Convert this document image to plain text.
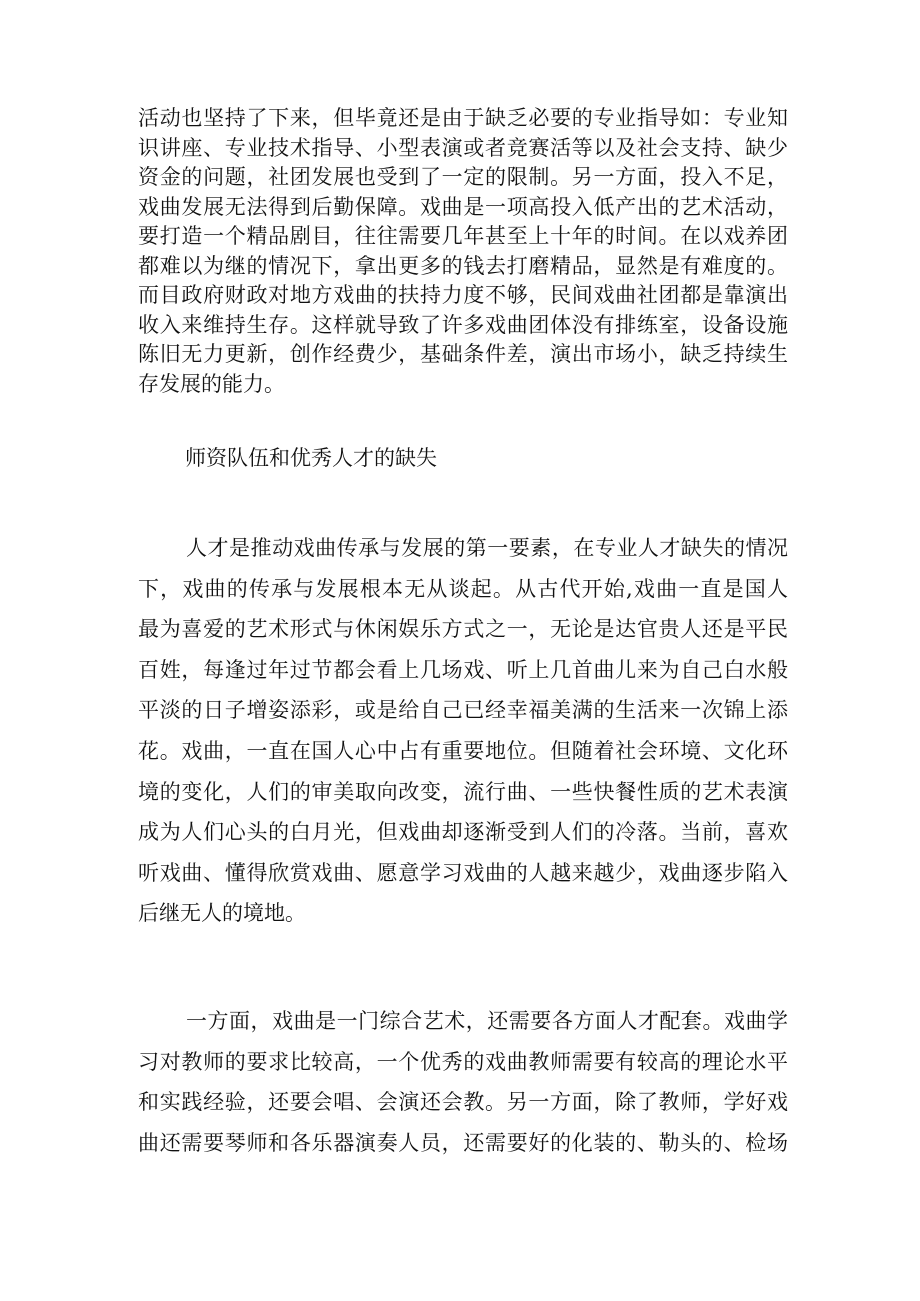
活动也坚持了下来，但毕竟还是由于缺乏必要的专业指导如：专业知
识讲座、专业技术指导、小型表演或者竞赛活等以及社会支持、缺少
资金的问题，社团发展也受到了一定的限制。另一方面，投入不足，
戏曲发展无法得到后勤保障。戏曲是一项高投入低产出的艺术活动，
要打造一个精品剧目，往往需要几年甚至上十年的时间。在以戏养团
都难以为继的情况下，拿出更多的钱去打磨精品，显然是有难度的。
而目政府财政对地方戏曲的扶持力度不够，民间戏曲社团都是靠演出
收入来维持生存。这样就导致了许多戏曲团体没有排练室，设备设施
陈旧无力更新，创作经费少，基础条件差，演出市场小，缺乏持续生
存发展的能力。
师资队伍和优秀人才的缺失
人才是推动戏曲传承与发展的第一要素，在专业人才缺失的情况
下，戏曲的传承与发展根本无从谈起。从古代开始,戏曲一直是国人
最为喜爱的艺术形式与休闲娱乐方式之一，无论是达官贵人还是平民
百姓，每逢过年过节都会看上几场戏、听上几首曲儿来为自己白水般
平淡的日子增姿添彩，或是给自己已经幸福美满的生活来一次锦上添
花。戏曲，一直在国人心中占有重要地位。但随着社会环境、文化环
境的变化，人们的审美取向改变，流行曲、一些快餐性质的艺术表演
成为人们心头的白月光，但戏曲却逐渐受到人们的冷落。当前，喜欢
听戏曲、懂得欣赏戏曲、愿意学习戏曲的人越来越少，戏曲逐步陷入
后继无人的境地。
一方面，戏曲是一门综合艺术，还需要各方面人才配套。戏曲学
习对教师的要求比较高，一个优秀的戏曲教师需要有较高的理论水平
和实践经验，还要会唱、会演还会教。另一方面，除了教师，学好戏
曲还需要琴师和各乐器演奏人员，还需要好的化装的、勒头的、检场
